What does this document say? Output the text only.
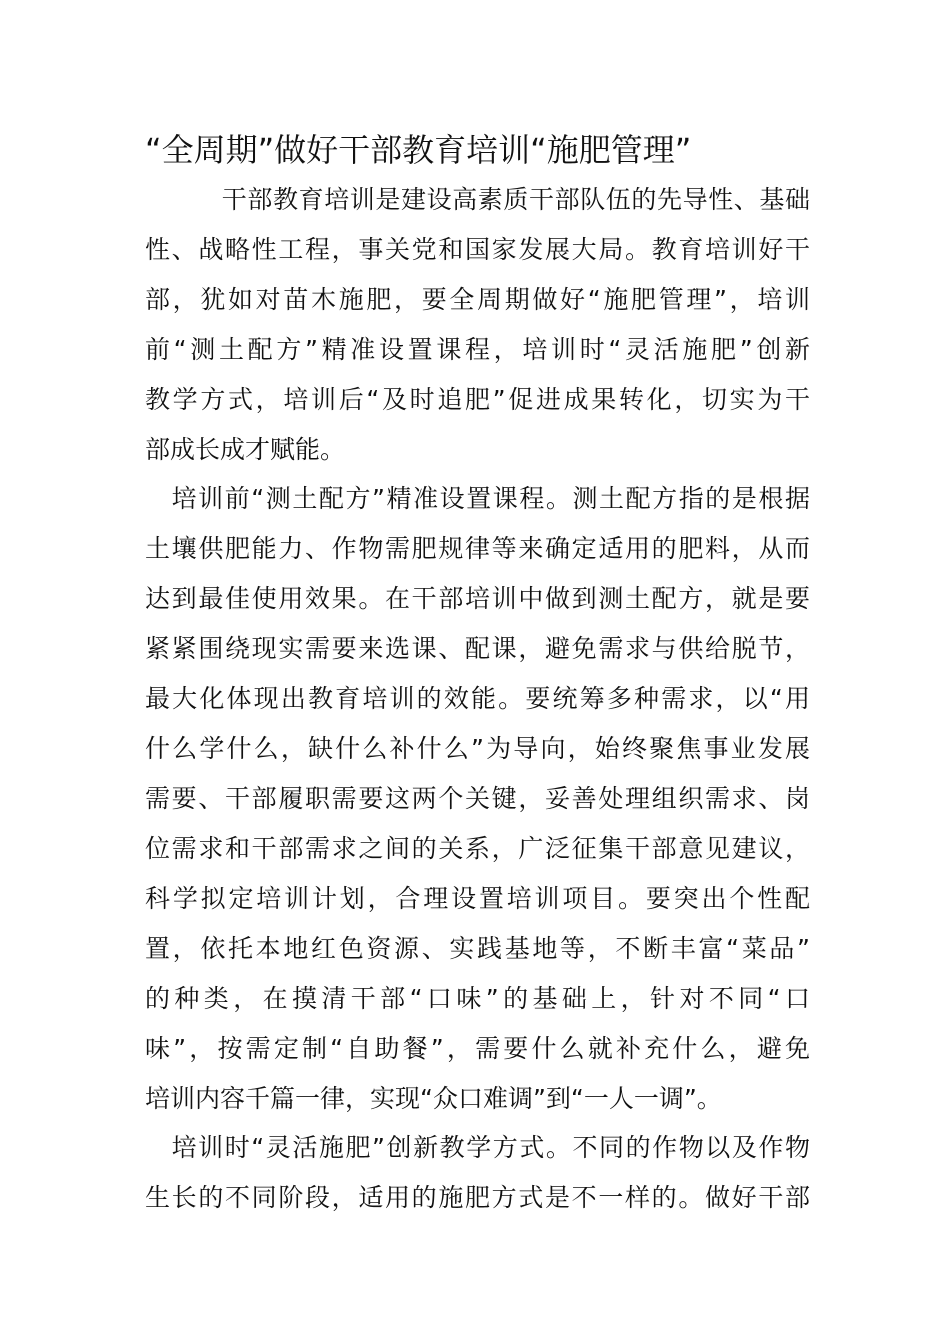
“全周期”做好干部教育培训“施肥管理”
　　　干部教育培训是建设高素质干部队伍的先导性、基础
性、战略性工程，事关党和国家发展大局。教育培训好干
部，犹如对苗木施肥，要全周期做好“施肥管理”，培训
前“测土配方”精准设置课程，培训时“灵活施肥”创新
教学方式，培训后“及时追肥”促进成果转化，切实为干
部成长成才赋能。
　培训前“测土配方”精准设置课程。测土配方指的是根据
土壤供肥能力、作物需肥规律等来确定适用的肥料，从而
达到最佳使用效果。在干部培训中做到测土配方，就是要
紧紧围绕现实需要来选课、配课，避免需求与供给脱节，
最大化体现出教育培训的效能。要统筹多种需求，以“用
什么学什么，缺什么补什么”为导向，始终聚焦事业发展
需要、干部履职需要这两个关键，妥善处理组织需求、岗
位需求和干部需求之间的关系，广泛征集干部意见建议，
科学拟定培训计划，合理设置培训项目。要突出个性配
置，依托本地红色资源、实践基地等，不断丰富“菜品”
的种类，在摸清干部“口味”的基础上，针对不同“口
味”，按需定制“自助餐”，需要什么就补充什么，避免
培训内容千篇一律，实现“众口难调”到“一人一调”。
　培训时“灵活施肥”创新教学方式。不同的作物以及作物
生长的不同阶段，适用的施肥方式是不一样的。做好干部
